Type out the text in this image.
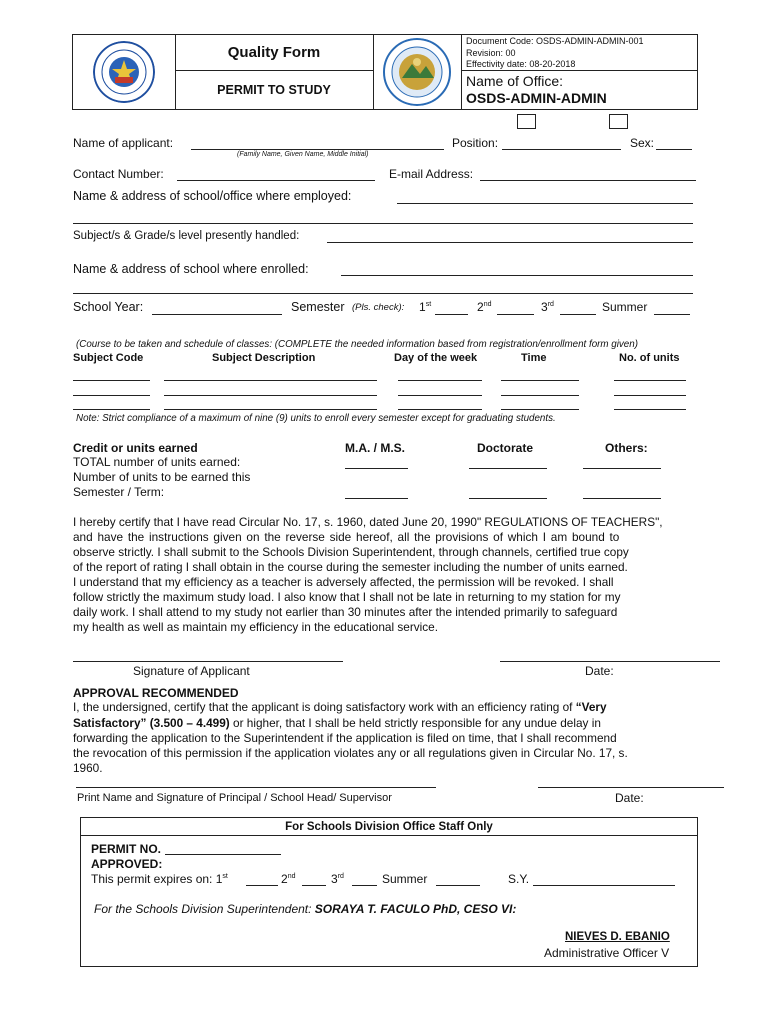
Quality Form
PERMIT TO STUDY
Document Code: OSDS-ADMIN-ADMIN-001
Revision: 00
Effectivity date: 08-20-2018
Name of Office:
OSDS-ADMIN-ADMIN
Name of applicant:
(Family Name, Given Name, Middle Initial)
Position:	Sex:
Contact Number:	E-mail Address:
Name & address of school/office where employed:
Subject/s & Grade/s level presently handled:
Name & address of school where enrolled:
School Year:	Semester (Pls. check): 1st	2nd	3rd	Summer
(Course to be taken and schedule of classes: (COMPLETE the needed information based from registration/enrollment form given)
Subject Code	Subject Description	Day of the week	Time	No. of units
Note: Strict compliance of a maximum of nine (9) units to enroll every semester except for graduating students.
Credit or units earned	M.A. / M.S.	Doctorate	Others:
TOTAL number of units earned:
Number of units to be earned this
Semester / Term:
I hereby certify that I have read Circular No. 17, s. 1960, dated June 20, 1990" REGULATIONS OF TEACHERS",
and have the instructions given on the reverse side hereof, all the provisions of which I am bound to
observe strictly. I shall submit to the Schools Division Superintendent, through channels, certified true copy
of the report of rating I shall obtain in the course during the semester including the number of units earned.
I understand that my efficiency as a teacher is adversely affected, the permission will be revoked. I shall
follow strictly the maximum study load. I also know that I shall not be late in returning to my station for my
daily work. I shall attend to my study not earlier than 30 minutes after the intended primarily to safeguard
my health as well as maintain my efficiency in the educational service.
Signature of Applicant	Date:
APPROVAL RECOMMENDED
I, the undersigned, certify that the applicant is doing satisfactory work with an efficiency rating of “Very
Satisfactory” (3.500 – 4.499) or higher, that I shall be held strictly responsible for any undue delay in
forwarding the application to the Superintendent if the application is filed on time, that I shall recommend
the revocation of this permission if the application violates any or all regulations given in Circular No. 17, s.
1960.
Print Name and Signature of Principal / School Head/ Supervisor	Date:
For Schools Division Office Staff Only
PERMIT NO.
APPROVED:
This permit expires on: 1st	2nd	3rd	Summer	S.Y.
For the Schools Division Superintendent: SORAYA T. FACULO PhD, CESO VI:
NIEVES D. EBANIO
Administrative Officer V
